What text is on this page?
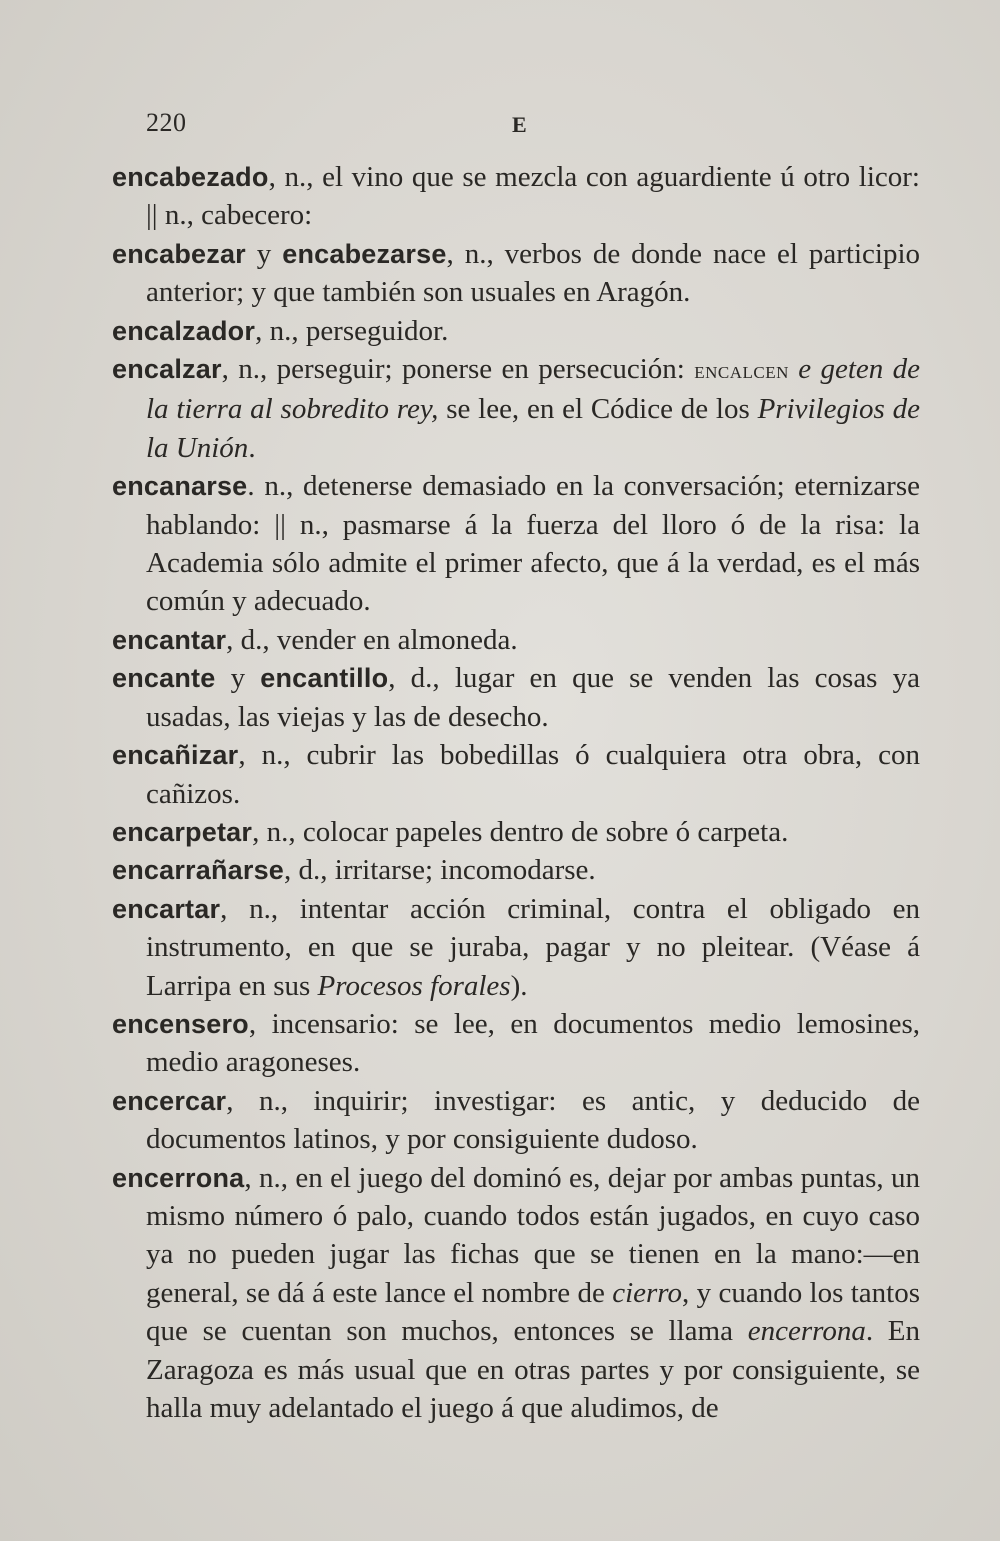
220	E

encabezado, n., el vino que se mezcla con aguardiente ú otro licor: || n., cabecero:

encabezar y encabezarse, n., verbos de donde nace el participio anterior; y que también son usuales en Aragón.

encalzador, n., perseguidor.

encalzar, n., perseguir; ponerse en persecución: encalcen e geten de la tierra al sobredito rey, se lee, en el Códice de los Privilegios de la Unión.

encanarse. n., detenerse demasiado en la conversación; eternizarse hablando: || n., pasmarse á la fuerza del lloro ó de la risa: la Academia sólo admite el primer afecto, que á la verdad, es el más común y adecuado.

encantar, d., vender en almoneda.

encante y encantillo, d., lugar en que se venden las cosas ya usadas, las viejas y las de desecho.

encañizar, n., cubrir las bobedillas ó cualquiera otra obra, con cañizos.

encarpetar, n., colocar papeles dentro de sobre ó carpeta.

encarrañarse, d., irritarse; incomodarse.

encartar, n., intentar acción criminal, contra el obligado en instrumento, en que se juraba, pagar y no pleitear. (Véase á Larripa en sus Procesos forales).

encensero, incensario: se lee, en documentos medio lemosines, medio aragoneses.

encercar, n., inquirir; investigar: es antic, y deducido de documentos latinos, y por consiguiente dudoso.

encerrona, n., en el juego del dominó es, dejar por ambas puntas, un mismo número ó palo, cuando todos están jugados, en cuyo caso ya no pueden jugar las fichas que se tienen en la mano:—en general, se dá á este lance el nombre de cierro, y cuando los tantos que se cuentan son muchos, entonces se llama encerrona. En Zaragoza es más usual que en otras partes y por consiguiente, se halla muy adelantado el juego á que aludimos, de
